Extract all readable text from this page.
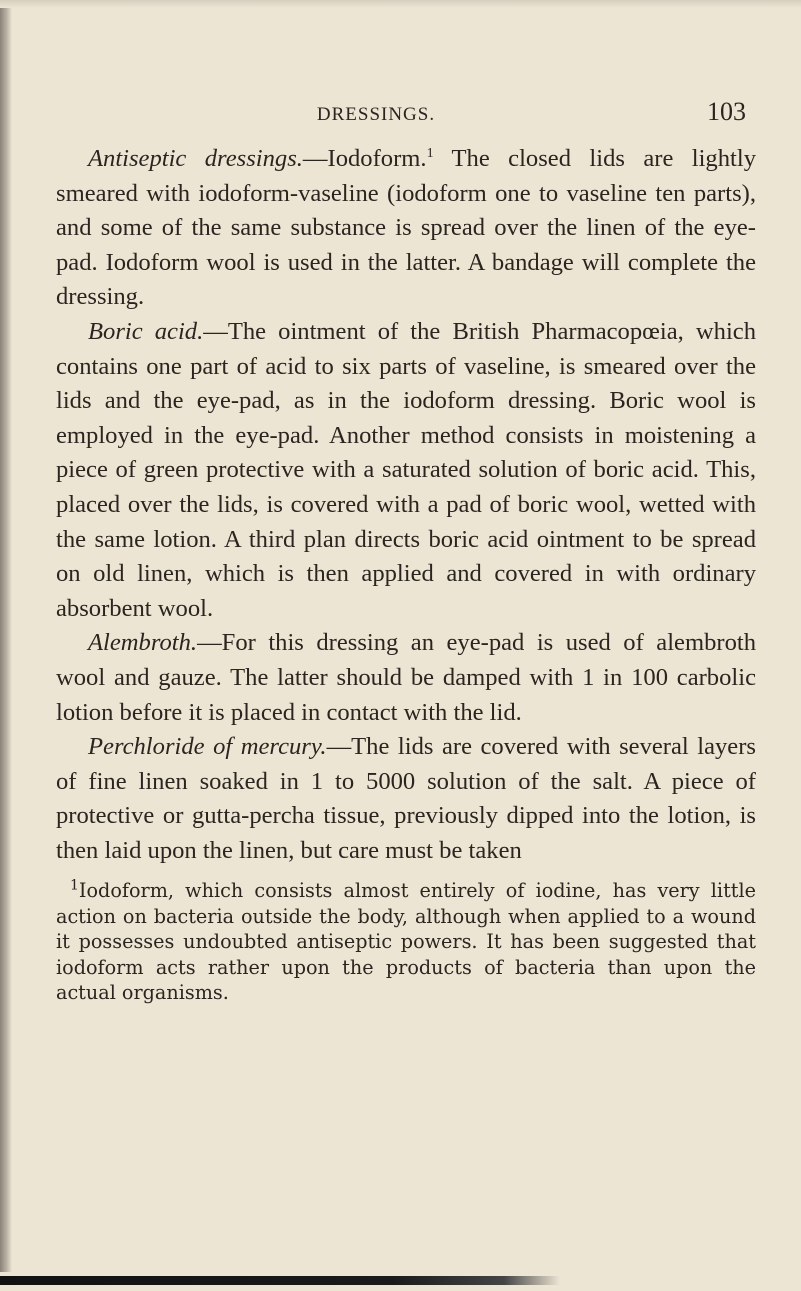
DRESSINGS.	103

Antiseptic dressings.—Iodoform.$^1$ The closed lids are lightly smeared with iodoform-vaseline (iodoform one to vaseline ten parts), and some of the same substance is spread over the linen of the eye-pad. Iodoform wool is used in the latter. A bandage will complete the dressing.

Boric acid.—The ointment of the British Pharmacopœia, which contains one part of acid to six parts of vaseline, is smeared over the lids and the eye-pad, as in the iodoform dressing. Boric wool is employed in the eye-pad. Another method consists in moistening a piece of green protective with a saturated solution of boric acid. This, placed over the lids, is covered with a pad of boric wool, wetted with the same lotion. A third plan directs boric acid ointment to be spread on old linen, which is then applied and covered in with ordinary absorbent wool.

Alembroth.—For this dressing an eye-pad is used of alembroth wool and gauze. The latter should be damped with 1 in 100 carbolic lotion before it is placed in contact with the lid.

Perchloride of mercury.—The lids are covered with several layers of fine linen soaked in 1 to 5000 solution of the salt. A piece of protective or gutta-percha tissue, previously dipped into the lotion, is then laid upon the linen, but care must be taken

$^1$Iodoform, which consists almost entirely of iodine, has very little action on bacteria outside the body, although when applied to a wound it possesses undoubted antiseptic powers. It has been suggested that iodoform acts rather upon the products of bacteria than upon the actual organisms.
